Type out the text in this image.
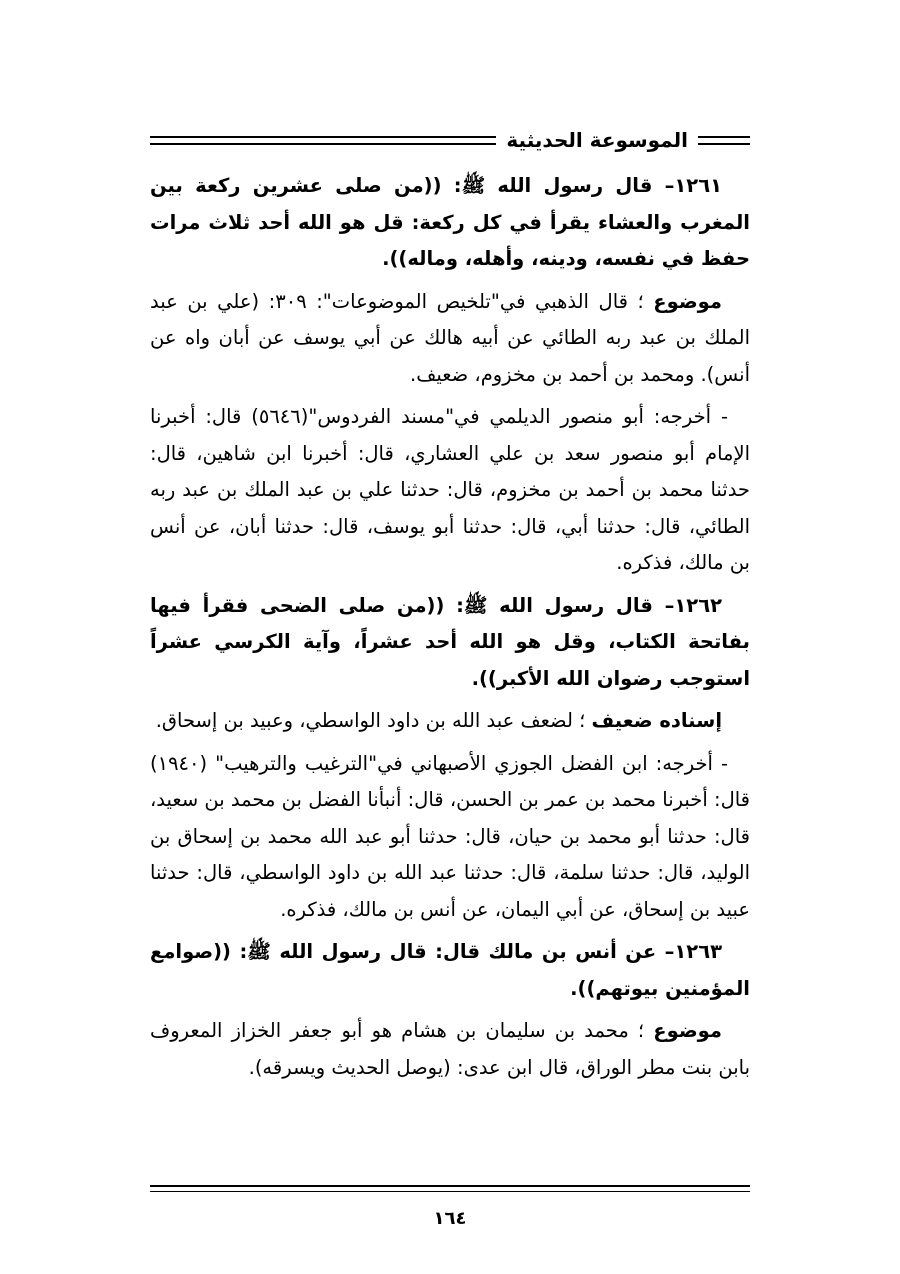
الموسوعة الحديثية

١٢٦١– قال رسول الله ﷺ: ((من صلى عشرين ركعة بين المغرب والعشاء يقرأ في كل ركعة: قل هو الله أحد ثلاث مرات حفظ في نفسه، ودينه، وأهله، وماله)).

موضوع ؛ قال الذهبي في"تلخيص الموضوعات": ٣٠٩: (علي بن عبد الملك بن عبد ربه الطائي عن أبيه هالك عن أبي يوسف عن أبان واه عن أنس). ومحمد بن أحمد بن مخزوم، ضعيف.

- أخرجه: أبو منصور الديلمي في"مسند الفردوس"(٥٦٤٦) قال: أخبرنا الإمام أبو منصور سعد بن علي العشاري، قال: أخبرنا ابن شاهين، قال: حدثنا محمد بن أحمد بن مخزوم، قال: حدثنا علي بن عبد الملك بن عبد ربه الطائي، قال: حدثنا أبي، قال: حدثنا أبو يوسف، قال: حدثنا أبان، عن أنس بن مالك، فذكره.

١٢٦٢– قال رسول الله ﷺ: ((من صلى الضحى فقرأ فيها بفاتحة الكتاب، وقل هو الله أحد عشراً، وآية الكرسي عشراً استوجب رضوان الله الأكبر)).

إسناده ضعيف ؛ لضعف عبد الله بن داود الواسطي، وعبيد بن إسحاق.

- أخرجه: ابن الفضل الجوزي الأصبهاني في"الترغيب والترهيب" (١٩٤٠) قال: أخبرنا محمد بن عمر بن الحسن، قال: أنبأنا الفضل بن محمد بن سعيد، قال: حدثنا أبو محمد بن حيان، قال: حدثنا أبو عبد الله محمد بن إسحاق بن الوليد، قال: حدثنا سلمة، قال: حدثنا عبد الله بن داود الواسطي، قال: حدثنا عبيد بن إسحاق، عن أبي اليمان، عن أنس بن مالك، فذكره.

١٢٦٣– عن أنس بن مالك قال: قال رسول الله ﷺ: ((صوامع المؤمنين بيوتهم)).

موضوع ؛ محمد بن سليمان بن هشام هو أبو جعفر الخزاز المعروف بابن بنت مطر الوراق، قال ابن عدى: (يوصل الحديث ويسرقه).

١٦٤
